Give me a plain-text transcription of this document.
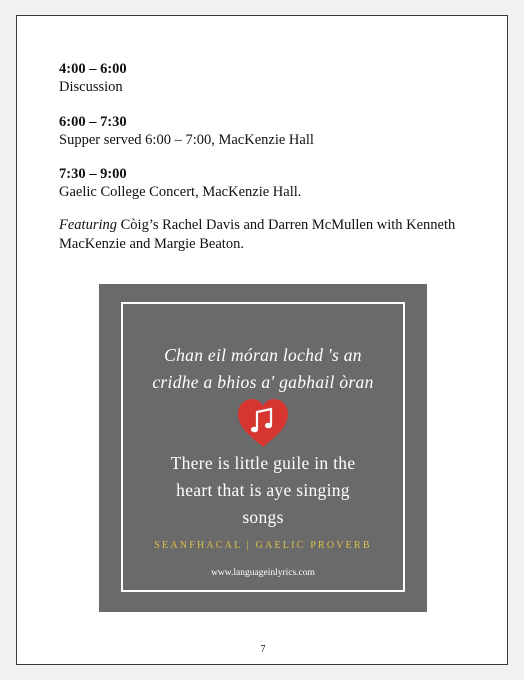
4:00 – 6:00
Discussion

6:00 – 7:30
Supper served 6:00 – 7:00, MacKenzie Hall

7:30 – 9:00
Gaelic College Concert, MacKenzie Hall.

Featuring Còig’s Rachel Davis and Darren McMullen with Kenneth MacKenzie and Margie Beaton.

Chan eil móran lochd 's an
cridhe a bhios a' gabhail òran
There is little guile in the
heart that is aye singing
songs
SEANFHACAL | GAELIC PROVERB
www.languageinlyrics.com
7
